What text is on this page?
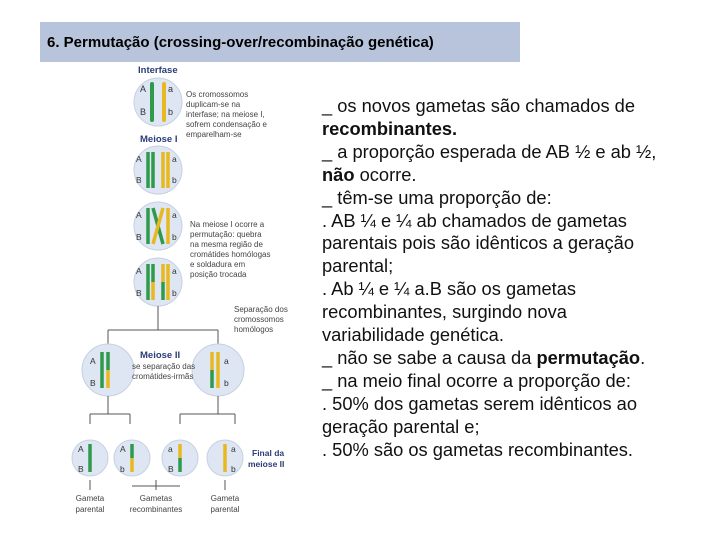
6. Permutação (crossing-over/recombinação genética)
Interfase
A a
B b
Os cromossomos
duplicam-se na
interfase; na meiose I,
sofrem condensação e
emparelham-se
Meiose I
A	a
B	b
A	a
B	b
Na meiose I ocorre a
permutação: quebra
na mesma região de
cromátides homólogas
e soldadura em
posição trocada
A	a
B	b
Separação dos
cromossomos
homólogos
A
B
a
b
Meiose II
se separação das
cromátides-irmãs
A
B
A
b
a
B
a
b
Final da
meiose II
Gameta
parental
Gametas
recombinantes
Gameta
parental

_ os novos gametas são chamados de

recombinantes.

_ a proporção esperada de AB ½ e ab ½,

não ocorre.

_ têm-se uma proporção de:

. AB ¼ e ¼ ab chamados de gametas

parentais pois são idênticos a geração

parental;

. Ab ¼ e ¼ a.B são os gametas

recombinantes, surgindo nova

variabilidade genética.

_ não se sabe a causa da permutação.

_ na meio final ocorre a proporção de:

. 50% dos gametas serem idênticos ao

geração parental e;

. 50% são os gametas recombinantes.
